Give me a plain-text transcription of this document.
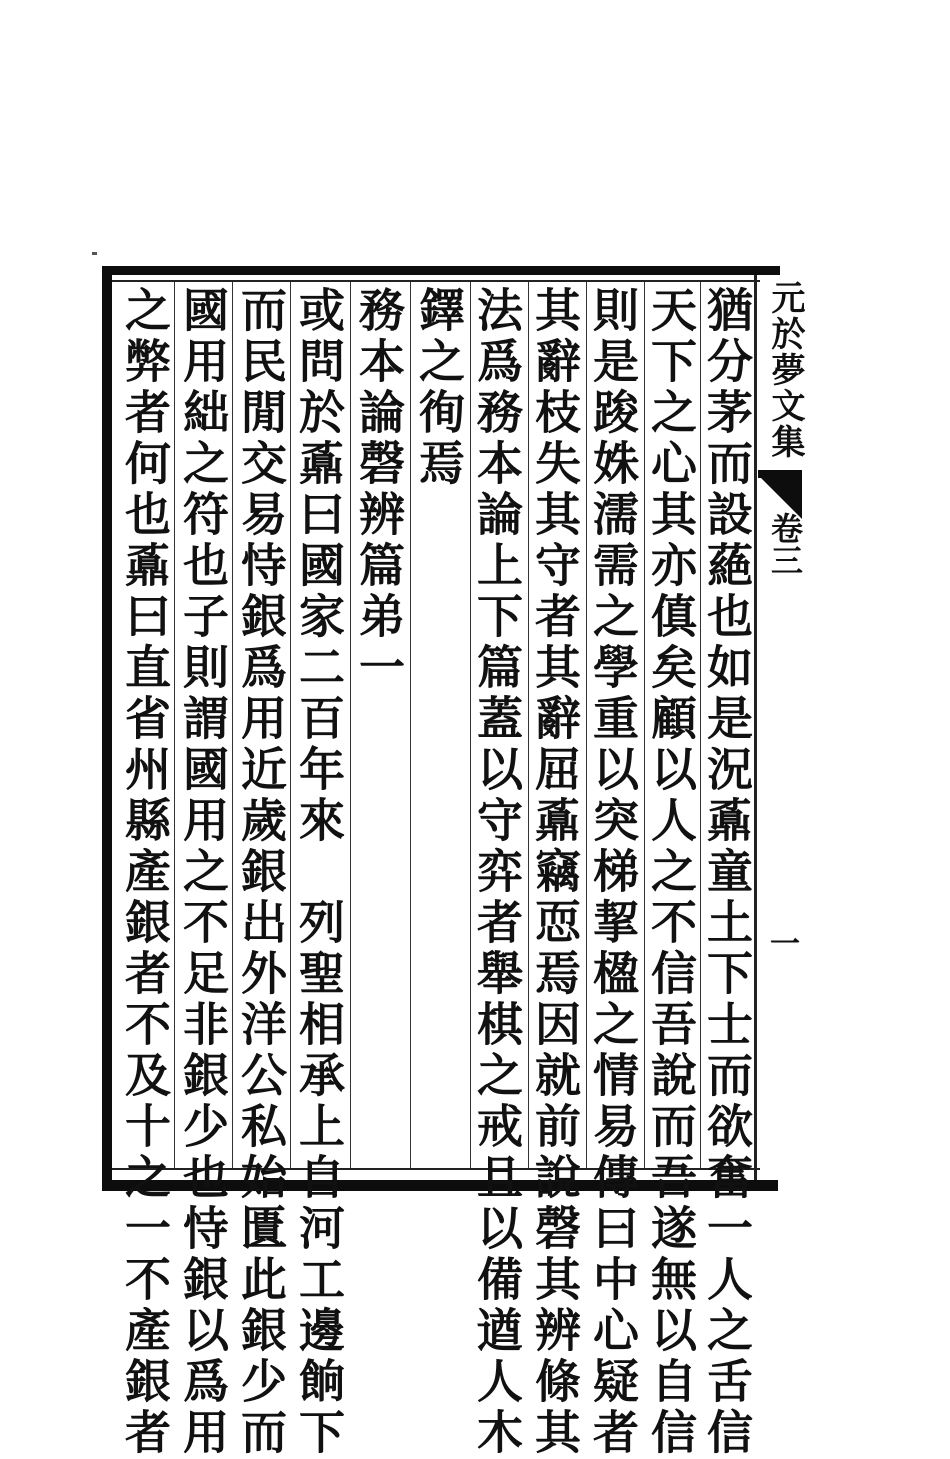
猶分茅而設蕝也如是況鼒童土下士而欲奮一人之舌信
天下之心其亦傎矣顧以人之不信吾說而吾遂無以自信
則是踆姝濡需之學重以突梯挈楹之情易傳曰中心疑者
其辭枝失其守者其辭屈鼒竊恧焉因就前說磬其辨條其
法爲務本論上下篇蓋以守弈者舉棋之戒且以備遒人木
鐸之徇焉
務本論磬辨篇弟一
或問於鼒曰國家二百年來　列聖相承上自河工邊餉下
而民閒交易恃銀爲用近歲銀出外洋公私始匱此銀少而
國用絀之符也子則謂國用之不足非銀少也恃銀以爲用
之弊者何也鼒曰直省州縣產銀者不及十之一不產銀者	元於夢文集
卷三
一
